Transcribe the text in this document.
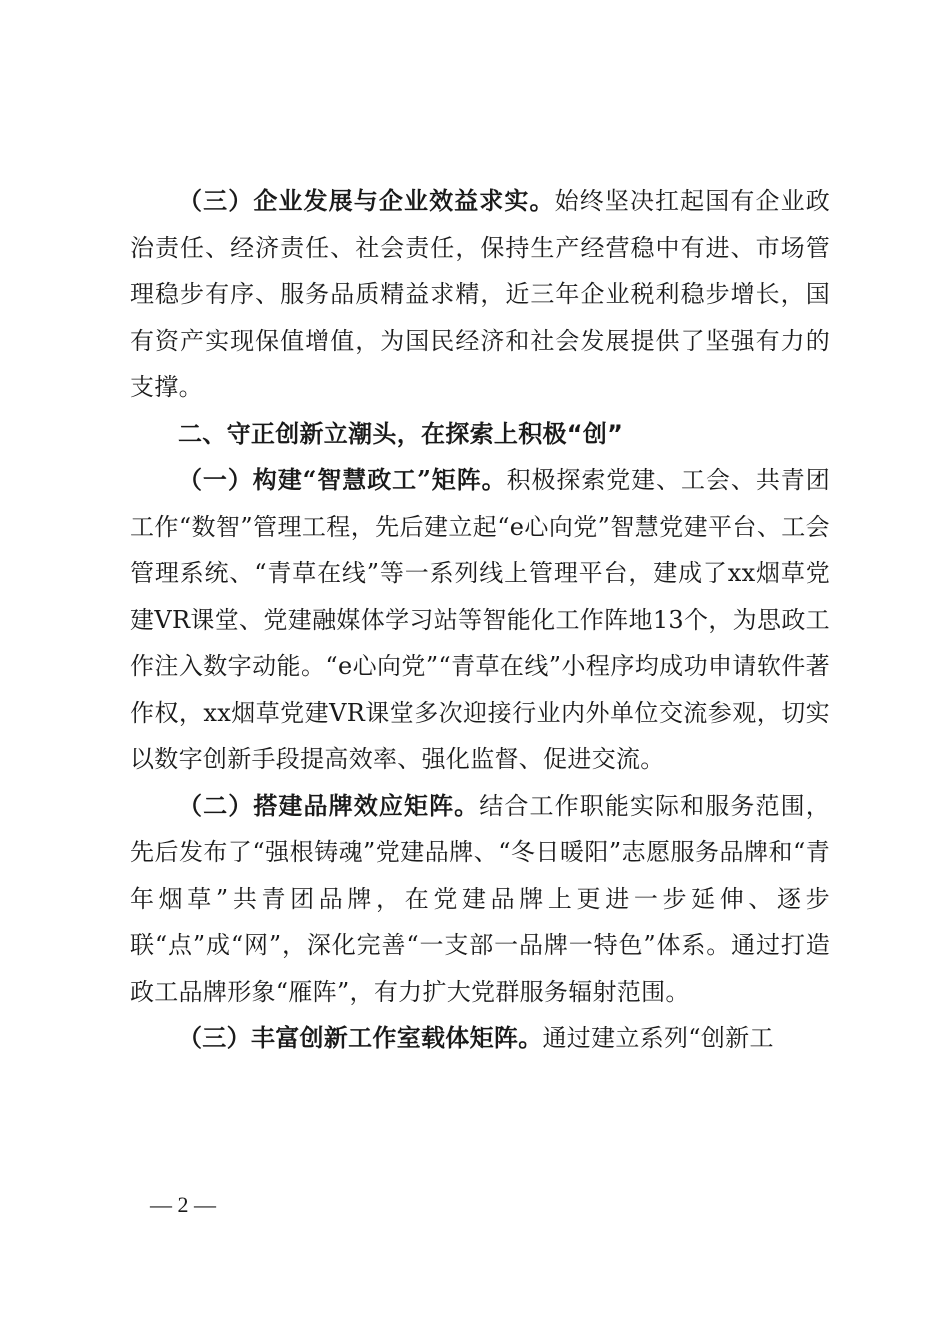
（三）企业发展与企业效益求实。始终坚决扛起国有企业政治责任、经济责任、社会责任，保持生产经营稳中有进、市场管理稳步有序、服务品质精益求精，近三年企业税利稳步增长，国有资产实现保值增值，为国民经济和社会发展提供了坚强有力的支撑。

二、守正创新立潮头，在探索上积极“创”

（一）构建“智慧政工”矩阵。积极探索党建、工会、共青团工作“数智”管理工程，先后建立起“e心向党”智慧党建平台、工会管理系统、“青草在线”等一系列线上管理平台，建成了xx烟草党建VR课堂、党建融媒体学习站等智能化工作阵地13个，为思政工作注入数字动能。“e心向党”“青草在线”小程序均成功申请软件著作权，xx烟草党建VR课堂多次迎接行业内外单位交流参观，切实以数字创新手段提高效率、强化监督、促进交流。

（二）搭建品牌效应矩阵。结合工作职能实际和服务范围，先后发布了“强根铸魂”党建品牌、“冬日暖阳”志愿服务品牌和“青年烟草”共青团品牌，在党建品牌上更进一步延伸、逐步联“点”成“网”，深化完善“一支部一品牌一特色”体系。通过打造政工品牌形象“雁阵”，有力扩大党群服务辐射范围。

（三）丰富创新工作室载体矩阵。通过建立系列“创新工

— 2 —
